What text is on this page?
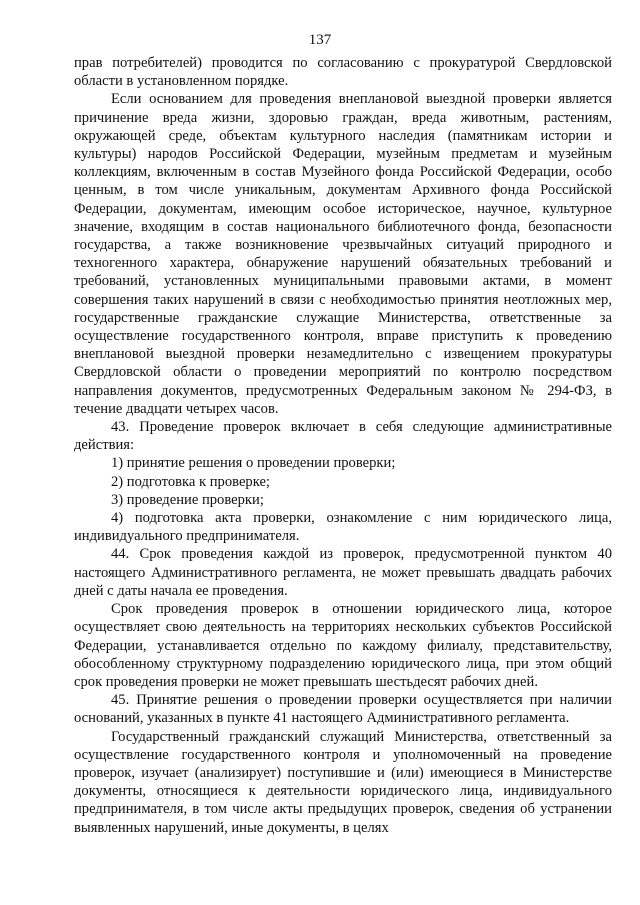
137

прав потребителей) проводится по согласованию с прокуратурой Свердловской области в установленном порядке.

Если основанием для проведения внеплановой выездной проверки является причинение вреда жизни, здоровью граждан, вреда животным, растениям, окружающей среде, объектам культурного наследия (памятникам истории и культуры) народов Российской Федерации, музейным предметам и музейным коллекциям, включенным в состав Музейного фонда Российской Федерации, особо ценным, в том числе уникальным, документам Архивного фонда Российской Федерации, документам, имеющим особое историческое, научное, культурное значение, входящим в состав национального библиотечного фонда, безопасности государства, а также возникновение чрезвычайных ситуаций природного и техногенного характера, обнаружение нарушений обязательных требований и требований, установленных муниципальными правовыми актами, в момент совершения таких нарушений в связи с необходимостью принятия неотложных мер, государственные гражданские служащие Министерства, ответственные за осуществление государственного контроля, вправе приступить к проведению внеплановой выездной проверки незамедлительно с извещением прокуратуры Свердловской области о проведении мероприятий по контролю посредством направления документов, предусмотренных Федеральным законом № 294-ФЗ, в течение двадцати четырех часов.

43. Проведение проверок включает в себя следующие административные действия:

1) принятие решения о проведении проверки;

2) подготовка к проверке;

3) проведение проверки;

4) подготовка акта проверки, ознакомление с ним юридического лица, индивидуального предпринимателя.

44. Срок проведения каждой из проверок, предусмотренной пунктом 40 настоящего Административного регламента, не может превышать двадцать рабочих дней с даты начала ее проведения.

Срок проведения проверок в отношении юридического лица, которое осуществляет свою деятельность на территориях нескольких субъектов Российской Федерации, устанавливается отдельно по каждому филиалу, представительству, обособленному структурному подразделению юридического лица, при этом общий срок проведения проверки не может превышать шестьдесят рабочих дней.

45. Принятие решения о проведении проверки осуществляется при наличии оснований, указанных в пункте 41 настоящего Административного регламента.

Государственный гражданский служащий Министерства, ответственный за осуществление государственного контроля и уполномоченный на проведение проверок, изучает (анализирует) поступившие и (или) имеющиеся в Министерстве документы, относящиеся к деятельности юридического лица, индивидуального предпринимателя, в том числе акты предыдущих проверок, сведения об устранении выявленных нарушений, иные документы, в целях
